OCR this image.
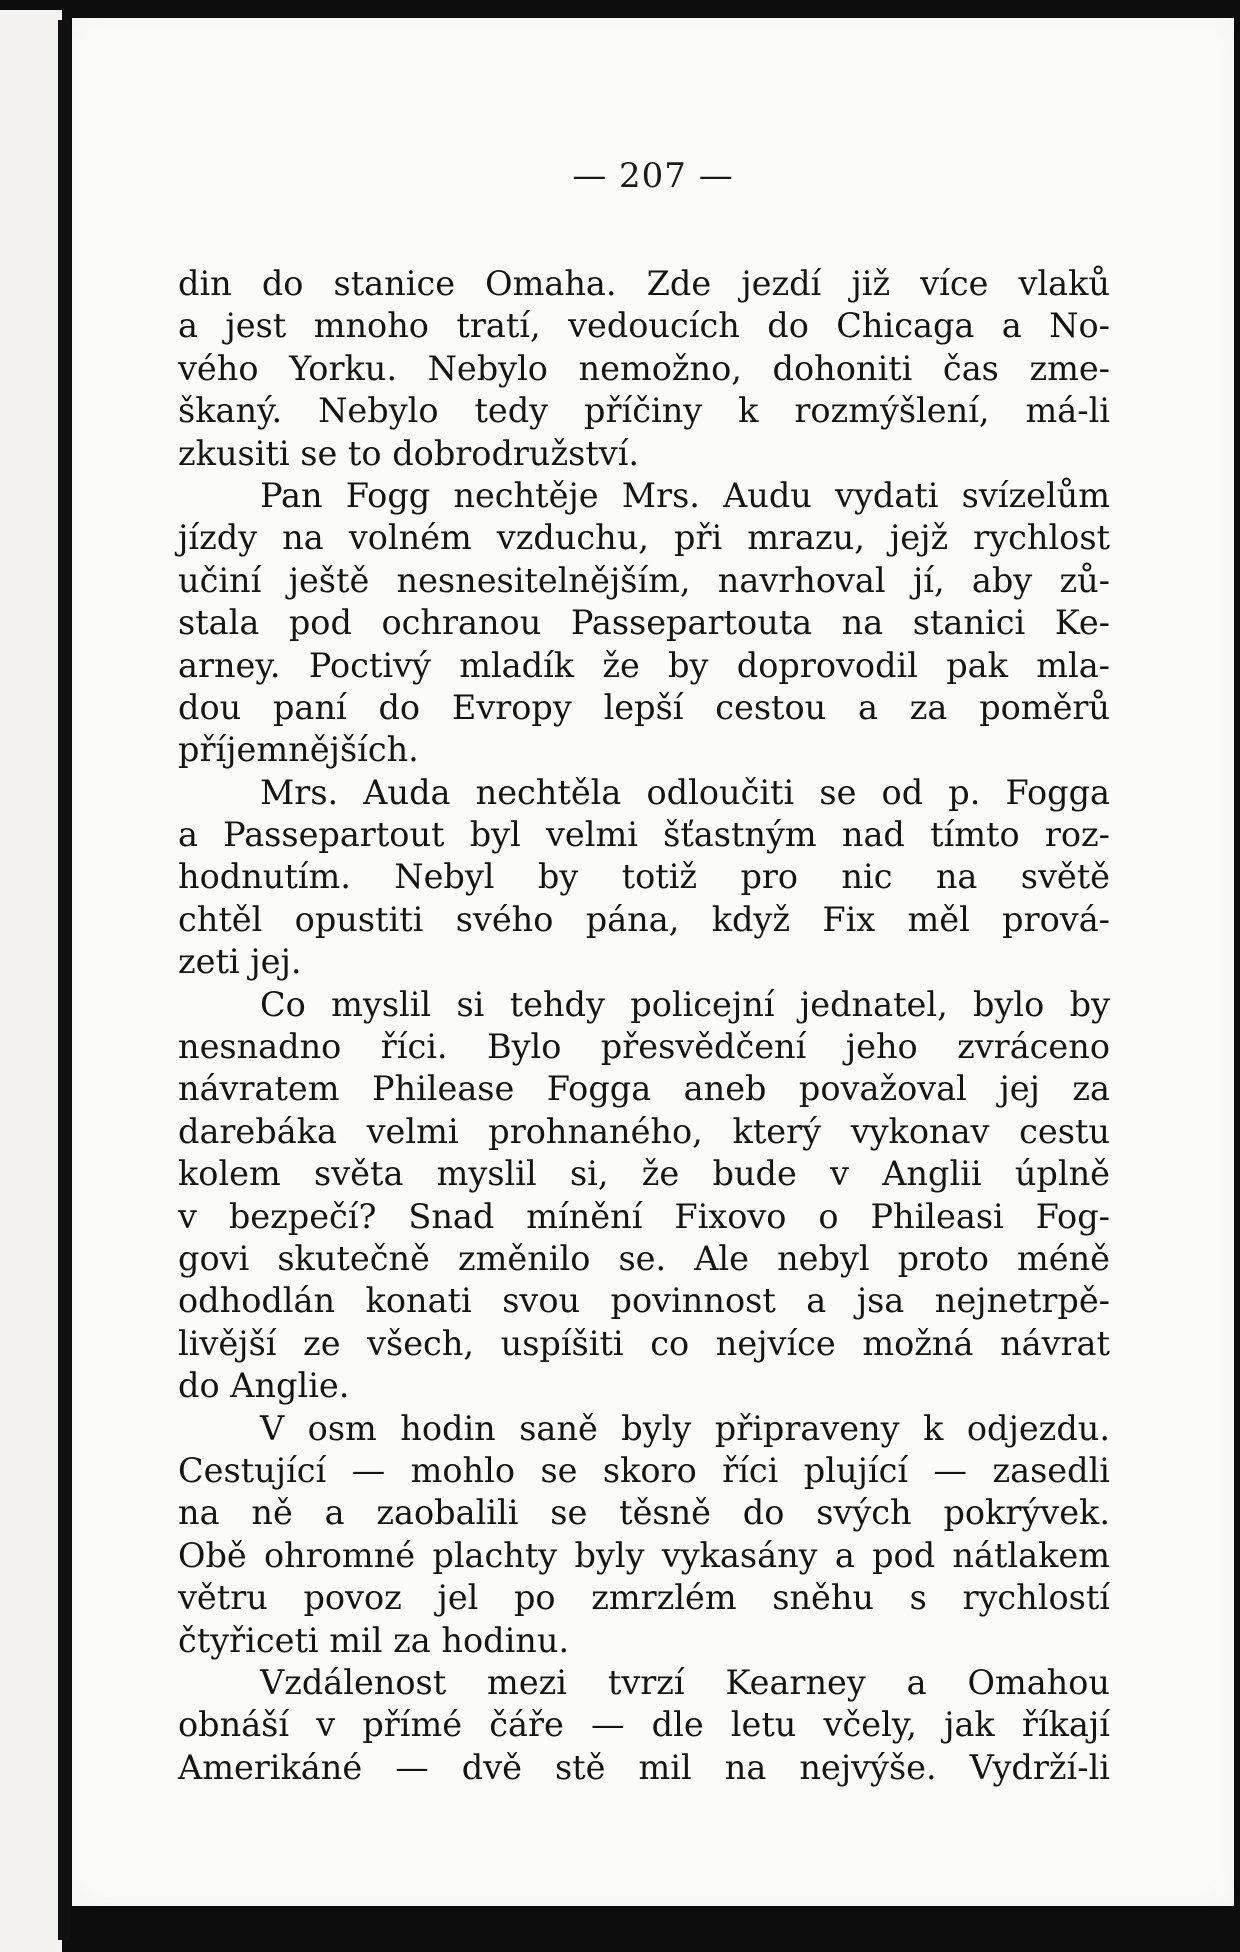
— 207 —
din do stanice Omaha. Zde jezdí již více vlaků
a jest mnoho tratí, vedoucích do Chicaga a No-
vého Yorku. Nebylo nemožno, dohoniti čas zme-
škaný. Nebylo tedy příčiny k rozmýšlení, má-li
zkusiti se to dobrodružství.
Pan Fogg nechtěje Mrs. Audu vydati svízelům
jízdy na volném vzduchu, při mrazu, jejž rychlost
učiní ještě nesnesitelnějším, navrhoval jí, aby zů-
stala pod ochranou Passepartouta na stanici Ke-
arney. Poctivý mladík že by doprovodil pak mla-
dou paní do Evropy lepší cestou a za poměrů
příjemnějších.
Mrs. Auda nechtěla odloučiti se od p. Fogga
a Passepartout byl velmi šťastným nad tímto roz-
hodnutím. Nebyl by totiž pro nic na světě
chtěl opustiti svého pána, když Fix měl prová-
zeti jej.
Co myslil si tehdy policejní jednatel, bylo by
nesnadno říci. Bylo přesvědčení jeho zvráceno
návratem Phileasе Fogga aneb považoval jej za
darebáka velmi prohnaného, který vykonav cestu
kolem světa myslil si, že bude v Anglii úplně
v bezpečí? Snad mínění Fixovo o Phileasi Fog-
govi skutečně změnilo se. Ale nebyl proto méně
odhodlán konati svou povinnost a jsa nejnetrpě-
livější ze všech, uspíšiti co nejvíce možná návrat
do Anglie.
V osm hodin saně byly připraveny k odjezdu.
Cestující — mohlo se skoro říci plující — zasedli
na ně a zaobalili se těsně do svých pokrývek.
Obě ohromné plachty byly vykasány a pod nátlakem
větru povoz jel po zmrzlém sněhu s rychlostí
čtyřiceti mil za hodinu.
Vzdálenost mezi tvrzí Kearney a Omahou
obnáší v přímé čáře — dle letu včely, jak říkají
Amerikáné — dvě stě mil na nejvýše. Vydrží-li
